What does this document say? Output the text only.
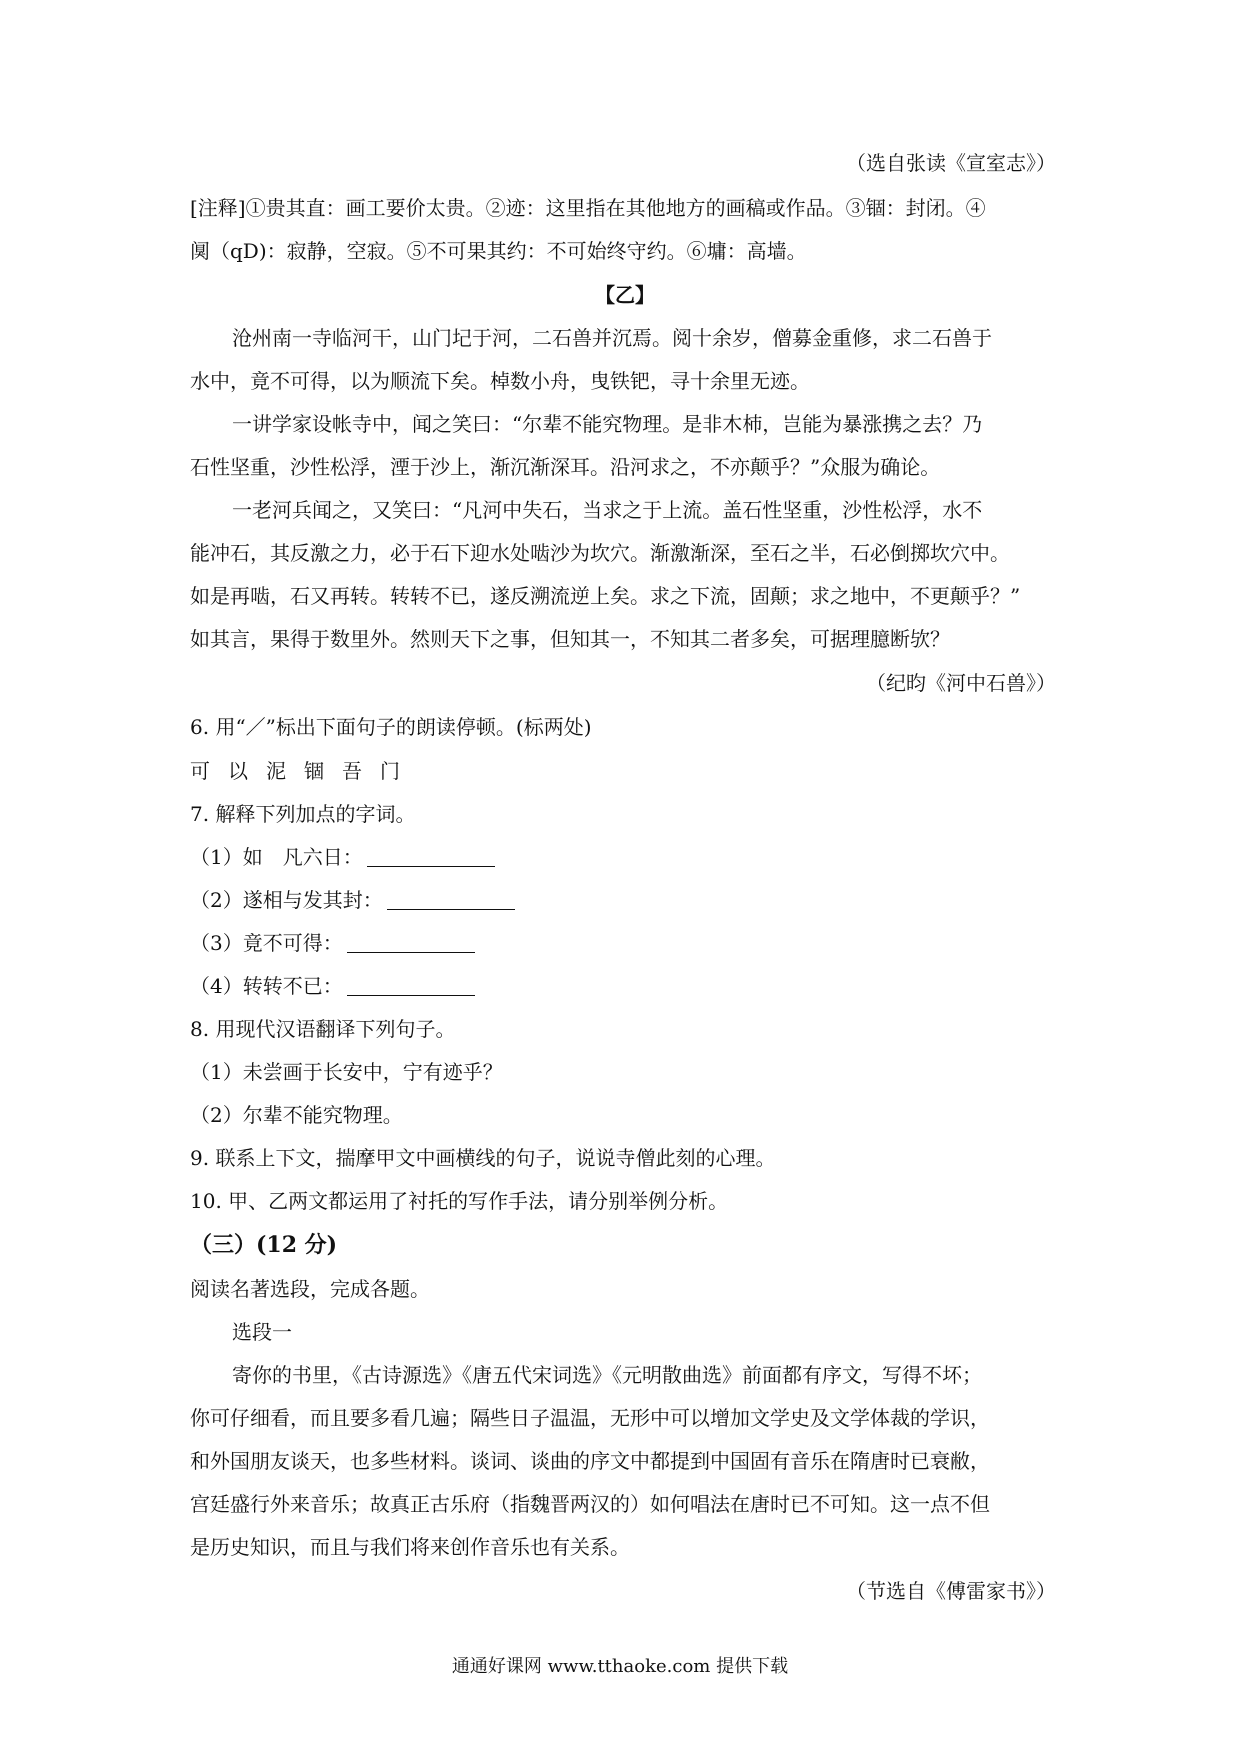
（选自张读《宣室志》）
[注释]①贵其直：画工要价太贵。②迹：这里指在其他地方的画稿或作品。③锢：封闭。④
阒（qD)：寂静，空寂。⑤不可果其约：不可始终守约。⑥墉：高墙。
【乙】
沧州南一寺临河干，山门圮于河，二石兽并沉焉。阅十余岁，僧募金重修，求二石兽于
水中，竟不可得，以为顺流下矣。棹数小舟，曳铁钯，寻十余里无迹。
一讲学家设帐寺中，闻之笑曰：“尔辈不能究物理。是非木杮，岂能为暴涨携之去？乃
石性坚重，沙性松浮，湮于沙上，渐沉渐深耳。沿河求之，不亦颠乎？”众服为确论。
一老河兵闻之，又笑曰：“凡河中失石，当求之于上流。盖石性坚重，沙性松浮，水不
能冲石，其反激之力，必于石下迎水处啮沙为坎穴。渐激渐深，至石之半，石必倒掷坎穴中。
如是再啮，石又再转。转转不已，遂反溯流逆上矣。求之下流，固颠；求之地中，不更颠乎？”
如其言，果得于数里外。然则天下之事，但知其一，不知其二者多矣，可据理臆断欤？
（纪昀《河中石兽》）
6. 用“／”标出下面句子的朗读停顿。(标两处)
可以泥锢吾门
7. 解释下列加点的字词。
（1）如　凡六日：
（2）遂相与发其封：
（3）竟不可得：
（4）转转不已：
8. 用现代汉语翻译下列句子。
（1）未尝画于长安中，宁有迹乎？
（2）尔辈不能究物理。
9. 联系上下文，揣摩甲文中画横线的句子，说说寺僧此刻的心理。
10. 甲、乙两文都运用了衬托的写作手法，请分别举例分析。
（三）(12 分)
阅读名著选段，完成各题。
选段一
寄你的书里，《古诗源选》《唐五代宋词选》《元明散曲选》前面都有序文，写得不坏；
你可仔细看，而且要多看几遍；隔些日子温温，无形中可以增加文学史及文学体裁的学识，
和外国朋友谈天，也多些材料。谈词、谈曲的序文中都提到中国固有音乐在隋唐时已衰敝，
宫廷盛行外来音乐；故真正古乐府（指魏晋两汉的）如何唱法在唐时已不可知。这一点不但
是历史知识，而且与我们将来创作音乐也有关系。
（节选自《傅雷家书》）
通通好课网 www.tthaoke.com 提供下载
